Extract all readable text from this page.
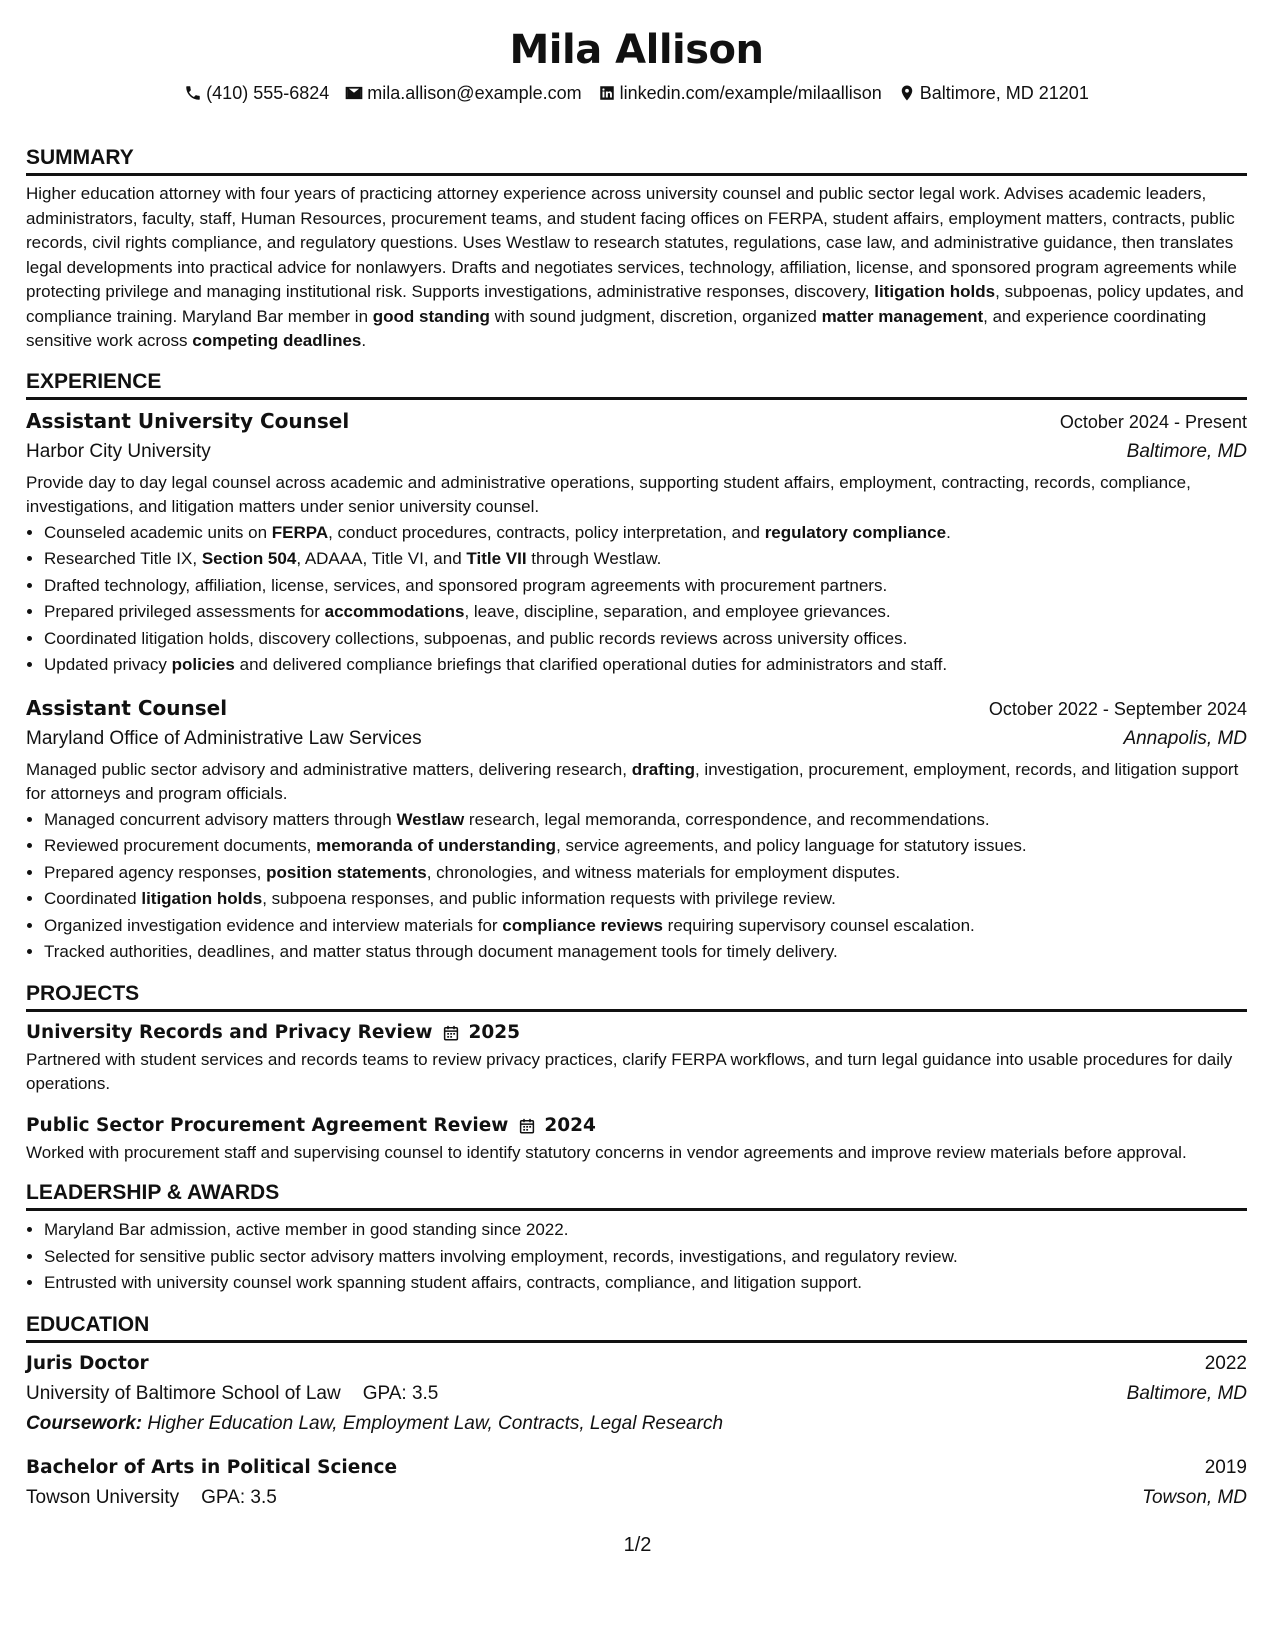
Mila Allison
(410) 555-6824 mila.allison@example.com linkedin.com/example/milaallison Baltimore, MD 21201
SUMMARY

Higher education attorney with four years of practicing attorney experience across university counsel and public sector legal work. Advises academic leaders, administrators, faculty, staff, Human Resources, procurement teams, and student facing offices on FERPA, student affairs, employment matters, contracts, public records, civil rights compliance, and regulatory questions. Uses Westlaw to research statutes, regulations, case law, and administrative guidance, then translates legal developments into practical advice for nonlawyers. Drafts and negotiates services, technology, affiliation, license, and sponsored program agreements while protecting privilege and managing institutional risk. Supports investigations, administrative responses, discovery, litigation holds, subpoenas, policy updates, and compliance training. Maryland Bar member in good standing with sound judgment, discretion, organized matter management, and experience coordinating sensitive work across competing deadlines.

EXPERIENCE
Assistant University Counsel	October 2024 - Present
Harbor City University	Baltimore, MD

Provide day to day legal counsel across academic and administrative operations, supporting student affairs, employment, contracting, records, compliance, investigations, and litigation matters under senior university counsel.

• Counseled academic units on FERPA, conduct procedures, contracts, policy interpretation, and regulatory compliance.
• Researched Title IX, Section 504, ADAAA, Title VI, and Title VII through Westlaw.
• Drafted technology, affiliation, license, services, and sponsored program agreements with procurement partners.
• Prepared privileged assessments for accommodations, leave, discipline, separation, and employee grievances.
• Coordinated litigation holds, discovery collections, subpoenas, and public records reviews across university offices.
• Updated privacy policies and delivered compliance briefings that clarified operational duties for administrators and staff.
Assistant Counsel	October 2022 - September 2024
Maryland Office of Administrative Law Services	Annapolis, MD

Managed public sector advisory and administrative matters, delivering research, drafting, investigation, procurement, employment, records, and litigation support for attorneys and program officials.

• Managed concurrent advisory matters through Westlaw research, legal memoranda, correspondence, and recommendations.
• Reviewed procurement documents, memoranda of understanding, service agreements, and policy language for statutory issues.
• Prepared agency responses, position statements, chronologies, and witness materials for employment disputes.
• Coordinated litigation holds, subpoena responses, and public information requests with privilege review.
• Organized investigation evidence and interview materials for compliance reviews requiring supervisory counsel escalation.
• Tracked authorities, deadlines, and matter status through document management tools for timely delivery.
PROJECTS
University Records and Privacy Review 2025

Partnered with student services and records teams to review privacy practices, clarify FERPA workflows, and turn legal guidance into usable procedures for daily operations.

Public Sector Procurement Agreement Review 2024

Worked with procurement staff and supervising counsel to identify statutory concerns in vendor agreements and improve review materials before approval.

LEADERSHIP & AWARDS
• Maryland Bar admission, active member in good standing since 2022.
• Selected for sensitive public sector advisory matters involving employment, records, investigations, and regulatory review.
• Entrusted with university counsel work spanning student affairs, contracts, compliance, and litigation support.
EDUCATION
Juris Doctor	2022
University of Baltimore School of Law GPA: 3.5	Baltimore, MD
Coursework: Higher Education Law, Employment Law, Contracts, Legal Research
Bachelor of Arts in Political Science	2019
Towson University GPA: 3.5	Towson, MD
1/2
